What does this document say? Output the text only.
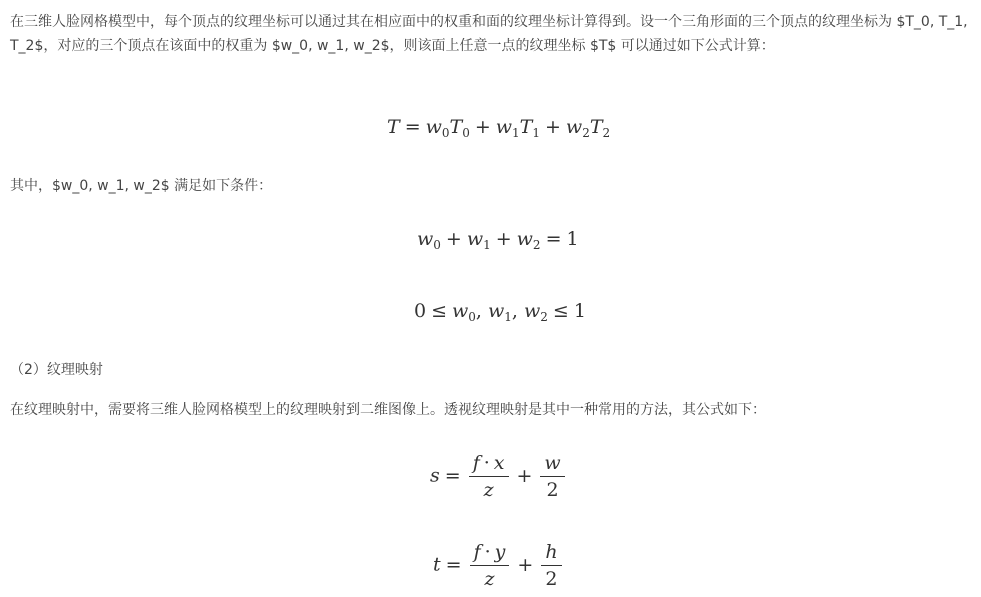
在三维人脸网格模型中，每个顶点的纹理坐标可以通过其在相应面中的权重和面的纹理坐标计算得到。设一个三角形面的三个顶点的纹理坐标为 $T_0, T_1, T_2$，对应的三个顶点在该面中的权重为 $w_0, w_1, w_2$，则该面上任意一点的纹理坐标 $T$ 可以通过如下公式计算：

$T = w_0T_0 + w_1T_1 + w_2T_2$

其中，$w_0, w_1, w_2$ 满足如下条件：

$w_0 + w_1 + w_2 = 1$
$0 \le w_0$, $w_1$, $w_2 \le 1$

（2）纹理映射

在纹理映射中，需要将三维人脸网格模型上的纹理映射到二维图像上。透视纹理映射是其中一种常用的方法，其公式如下：

$s = \frac{f \cdot x}{z} + \frac{w}{2}$
$t = \frac{f \cdot y}{z} + \frac{h}{2}$
